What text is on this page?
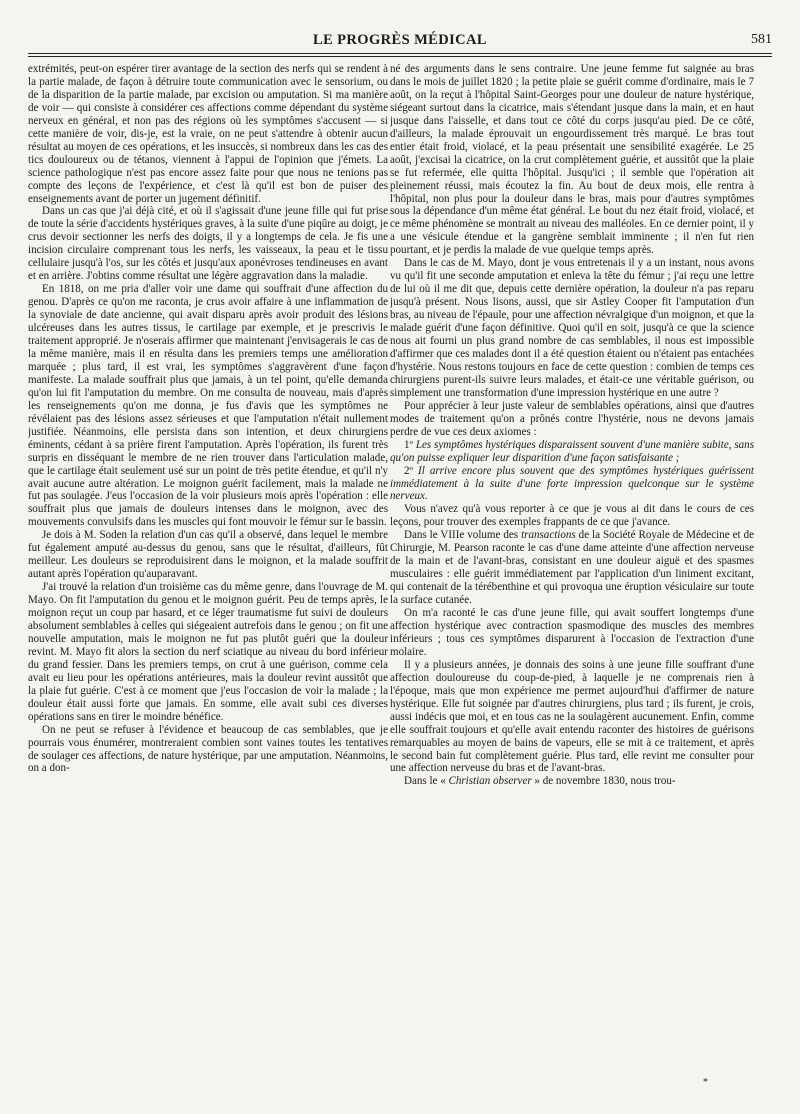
LE PROGRÈS MÉDICAL	581

extrémités, peut-on espérer tirer avantage de la section des nerfs qui se rendent à la partie malade, de façon à détruire toute communication avec le sensorium, ou de la disparition de la partie malade, par excision ou amputation. Si ma manière de voir — qui consiste à considérer ces affections comme dépendant du système nerveux en général, et non pas des régions où les symptômes s'accusent — si cette manière de voir, dis-je, est la vraie, on ne peut s'attendre à obtenir aucun résultat au moyen de ces opérations, et les insuccès, si nombreux dans les cas des tics douloureux ou de tétanos, viennent à l'appui de l'opinion que j'émets. La science pathologique n'est pas encore assez faite pour que nous ne tenions pas compte des leçons de l'expérience, et c'est là qu'il est bon de puiser des enseignements avant de porter un jugement définitif.

Dans un cas que j'ai déjà cité, et où il s'agissait d'une jeune fille qui fut prise de toute la série d'accidents hystériques graves, à la suite d'une piqûre au doigt, je crus devoir sectionner les nerfs des doigts, il y a longtemps de cela. Je fis une incision circulaire comprenant tous les nerfs, les vaisseaux, la peau et le tissu cellulaire jusqu'à l'os, sur les côtés et jusqu'aux aponévroses tendineuses en avant et en arrière. J'obtins comme résultat une légère aggravation dans la maladie.

En 1818, on me pria d'aller voir une dame qui souffrait d'une affection du genou. D'après ce qu'on me raconta, je crus avoir affaire à une inflammation de la synoviale de date ancienne, qui avait disparu après avoir produit des lésions ulcéreuses dans les autres tissus, le cartilage par exemple, et je prescrivis le traitement approprié. Je n'oserais affirmer que maintenant j'envisagerais le cas de la même manière, mais il en résulta dans les premiers temps une amélioration marquée ; plus tard, il est vrai, les symptômes s'aggravèrent d'une façon manifeste. La malade souffrait plus que jamais, à un tel point, qu'elle demanda qu'on lui fit l'amputation du membre. On me consulta de nouveau, mais d'après les renseignements qu'on me donna, je fus d'avis que les symptômes ne révélaient pas des lésions assez sérieuses et que l'amputation n'était nullement justifiée. Néanmoins, elle persista dans son intention, et deux chirurgiens éminents, cédant à sa prière firent l'amputation. Après l'opération, ils furent très surpris en disséquant le membre de ne rien trouver dans l'articulation malade, que le cartilage était seulement usé sur un point de très petite étendue, et qu'il n'y avait aucune autre altération. Le moignon guérit facilement, mais la malade ne fut pas soulagée. J'eus l'occasion de la voir plusieurs mois après l'opération : elle souffrait plus que jamais de douleurs intenses dans le moignon, avec des mouvements convulsifs dans les muscles qui font mouvoir le fémur sur le bassin.

Je dois à M. Soden la relation d'un cas qu'il a observé, dans lequel le membre fut également amputé au-dessus du genou, sans que le résultat, d'ailleurs, fût meilleur. Les douleurs se reproduisirent dans le moignon, et la malade souffrit autant après l'opération qu'auparavant.

J'ai trouvé la relation d'un troisième cas du même genre, dans l'ouvrage de M. Mayo. On fit l'amputation du genou et le moignon guérit. Peu de temps après, le moignon reçut un coup par hasard, et ce léger traumatisme fut suivi de douleurs absolument semblables à celles qui siégeaient autrefois dans le genou ; on fit une nouvelle amputation, mais le moignon ne fut pas plutôt guéri que la douleur revint. M. Mayo fit alors la section du nerf sciatique au niveau du bord inférieur du grand fessier. Dans les premiers temps, on crut à une guérison, comme cela avait eu lieu pour les opérations antérieures, mais la douleur revint aussitôt que la plaie fut guérie. C'est à ce moment que j'eus l'occasion de voir la malade ; la douleur était aussi forte que jamais. En somme, elle avait subi ces diverses opérations sans en tirer le moindre bénéfice.

On ne peut se refuser à l'évidence et beaucoup de cas semblables, que je pourrais vous énumérer, montreraient combien sont vaines toutes les tentatives de soulager ces affections, de nature hystérique, par une amputation. Néanmoins, on a don-

né des arguments dans le sens contraire. Une jeune femme fut saignée au bras dans le mois de juillet 1820 ; la petite plaie se guérit comme d'ordinaire, mais le 7 août, on la reçut à l'hôpital Saint-Georges pour une douleur de nature hystérique, siégeant surtout dans la cicatrice, mais s'étendant jusque dans la main, et en haut jusque dans l'aisselle, et dans tout ce côté du corps jusqu'au pied. De ce côté, d'ailleurs, la malade éprouvait un engourdissement très marqué. Le bras tout entier était froid, violacé, et la peau présentait une sensibilité exagérée. Le 25 août, j'excisai la cicatrice, on la crut complètement guérie, et aussitôt que la plaie se fut refermée, elle quitta l'hôpital. Jusqu'ici ; il semble que l'opération ait pleinement réussi, mais écoutez la fin. Au bout de deux mois, elle rentra à l'hôpital, non plus pour la douleur dans le bras, mais pour d'autres symptômes sous la dépendance d'un même état général. Le bout du nez était froid, violacé, et ce même phénomène se montrait au niveau des malléoles. En ce dernier point, il y a une vésicule étendue et la gangrène semblait imminente ; il n'en fut rien pourtant, et je perdis la malade de vue quelque temps après.

Dans le cas de M. Mayo, dont je vous entretenais il y a un instant, nous avons vu qu'il fit une seconde amputation et enleva la tête du fémur ; j'ai reçu une lettre de lui où il me dit que, depuis cette dernière opération, la douleur n'a pas reparu jusqu'à présent. Nous lisons, aussi, que sir Astley Cooper fit l'amputation d'un bras, au niveau de l'épaule, pour une affection névralgique d'un moignon, et que la malade guérit d'une façon définitive. Quoi qu'il en soit, jusqu'à ce que la science nous ait fourni un plus grand nombre de cas semblables, il nous est impossible d'affirmer que ces malades dont il a été question étaient ou n'étaient pas entachées d'hystérie. Nous restons toujours en face de cette question : combien de temps ces chirurgiens purent-ils suivre leurs malades, et était-ce une véritable guérison, ou simplement une transformation d'une impression hystérique en une autre ?

Pour apprécier à leur juste valeur de semblables opérations, ainsi que d'autres modes de traitement qu'on a prônés contre l'hystérie, nous ne devons jamais perdre de vue ces deux axiomes :

1º Les symptômes hystériques disparaissent souvent d'une manière subite, sans qu'on puisse expliquer leur disparition d'une façon satisfaisante ;

2º Il arrive encore plus souvent que des symptômes hystériques guérissent immédiatement à la suite d'une forte impression quelconque sur le système nerveux.

Vous n'avez qu'à vous reporter à ce que je vous ai dit dans le cours de ces leçons, pour trouver des exemples frappants de ce que j'avance.

Dans le VIIIe volume des transactions de la Société Royale de Médecine et de Chirurgie, M. Pearson raconte le cas d'une dame atteinte d'une affection nerveuse de la main et de l'avant-bras, consistant en une douleur aiguë et des spasmes musculaires : elle guérit immédiatement par l'application d'un liniment excitant, qui contenait de la térébenthine et qui provoqua une éruption vésiculaire sur toute la surface cutanée.

On m'a raconté le cas d'une jeune fille, qui avait souffert longtemps d'une affection hystérique avec contraction spasmodique des muscles des membres inférieurs ; tous ces symptômes disparurent à l'occasion de l'extraction d'une molaire.

Il y a plusieurs années, je donnais des soins à une jeune fille souffrant d'une affection douloureuse du coup-de-pied, à laquelle je ne comprenais rien à l'époque, mais que mon expérience me permet aujourd'hui d'affirmer de nature hystérique. Elle fut soignée par d'autres chirurgiens, plus tard ; ils furent, je crois, aussi indécis que moi, et en tous cas ne la soulagèrent aucunement. Enfin, comme elle souffrait toujours et qu'elle avait entendu raconter des histoires de guérisons remarquables au moyen de bains de vapeurs, elle se mit à ce traitement, et après le second bain fut complètement guérie. Plus tard, elle revint me consulter pour une affection nerveuse du bras et de l'avant-bras.

Dans le « Christian observer » de novembre 1830, nous trou-

*
